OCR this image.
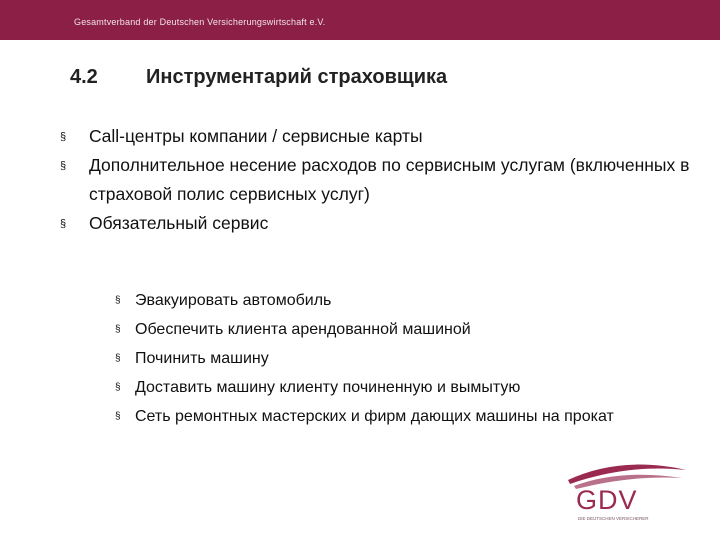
Gesamtverband der Deutschen Versicherungswirtschaft e.V.
4.2 Инструментарий страховщика
§ Call-центры компании / сервисные карты
§ Дополнительное несение расходов по сервисным услугам (включенных в страховой полис сервисных услуг)
§ Обязательный сервис
§ Эвакуировать автомобиль
§ Обеспечить клиента арендованной машиной
§ Починить машину
§ Доставить машину клиенту починенную и вымытую
§ Сеть ремонтных мастерских и фирм дающих машины на прокат
GDV
DIE DEUTSCHEN VERSICHERER
